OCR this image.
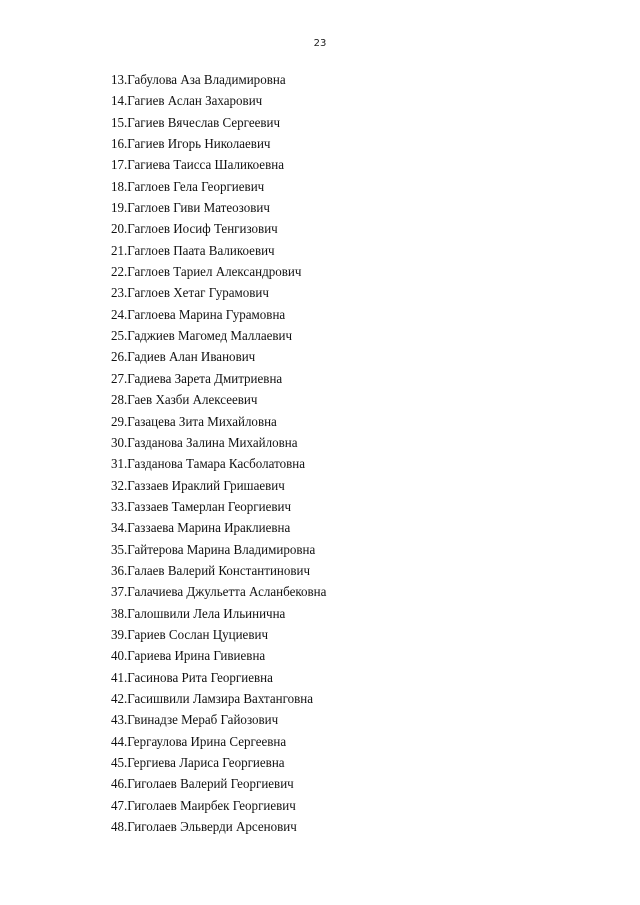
23
13.Габулова Аза Владимировна
14.Гагиев Аслан Захарович
15.Гагиев Вячеслав Сергеевич
16.Гагиев Игорь Николаевич
17.Гагиева Таисса Шаликоевна
18.Гаглоев Гела Георгиевич
19.Гаглоев Гиви Матеозович
20.Гаглоев Иосиф Тенгизович
21.Гаглоев Паата Валикоевич
22.Гаглоев Тариел Александрович
23.Гаглоев Хетаг Гурамович
24.Гаглоева Марина Гурамовна
25.Гаджиев Магомед Маллаевич
26.Гадиев Алан Иванович
27.Гадиева Зарета Дмитриевна
28.Гаев Хазби Алексеевич
29.Газацева Зита Михайловна
30.Газданова Залина Михайловна
31.Газданова Тамара Касболатовна
32.Газзаев Ираклий Гришаевич
33.Газзаев Тамерлан Георгиевич
34.Газзаева Марина Ираклиевна
35.Гайтерова Марина Владимировна
36.Галаев Валерий Константинович
37.Галачиева Джульетта Асланбековна
38.Галошвили Лела Ильинична
39.Гариев Сослан Цуциевич
40.Гариева Ирина Гивиевна
41.Гасинова Рита Георгиевна
42.Гасишвили Ламзира Вахтанговна
43.Гвинадзе Мераб Гайозович
44.Гергаулова Ирина Сергеевна
45.Гергиева Лариса Георгиевна
46.Гиголаев Валерий Георгиевич
47.Гиголаев Маирбек Георгиевич
48.Гиголаев Эльверди Арсенович
